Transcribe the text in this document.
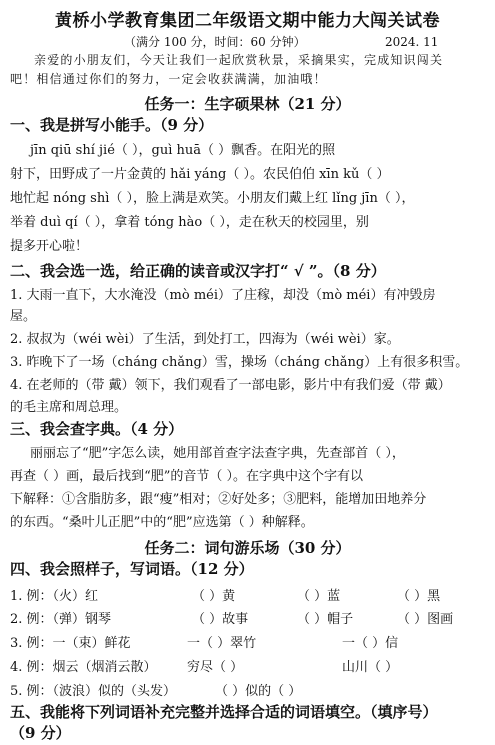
黄桥小学教育集团二年级语文期中能力大闯关试卷
（满分 100 分，时间：60 分钟）	2024. 11
亲爱的小朋友们，今天让我们一起欣赏秋景，采摘果实，完成知识闯关
吧！相信通过你们的努力，一定会收获满满，加油哦！
任务一：生字硕果林（21 分）
一、我是拼写小能手。（9 分）
jīn qiū shí jié（ ），guì huā（ ）飘香。在阳光的照
射下，田野成了一片金黄的 hǎi yáng（ ）。农民伯伯 xīn kǔ（ ）
地忙起 nóng shì（ ），脸上满是欢笑。小朋友们戴上红 lǐng jīn（ ），
举着 duì qí（ ），拿着 tóng hào（ ），走在秋天的校园里，别
提多开心啦！
二、我会选一选，给正确的读音或汉字打“ √ ”。（8 分）
1. 大雨一直下，大水淹没（mò méi）了庄稼，却没（mò méi）有冲毁房
屋。
2. 叔叔为（wéi wèi）了生活，到处打工，四海为（wéi wèi）家。
3. 昨晚下了一场（cháng chǎng）雪，操场（cháng chǎng）上有很多积雪。
4. 在老师的（带 戴）领下，我们观看了一部电影，影片中有我们爱（带 戴）
的毛主席和周总理。
三、我会查字典。（4 分）
丽丽忘了“肥”字怎么读，她用部首查字法查字典，先查部首（ ），
再查（ ）画，最后找到“肥”的音节（ ）。在字典中这个字有以
下解释：①含脂肪多，跟“瘦”相对；②好处多；③肥料，能增加田地养分
的东西。“桑叶儿正肥”中的“肥”应选第（ ）种解释。
任务二：词句游乐场（30 分）
四、我会照样子，写词语。（12 分）
1. 例：（火）红	（ ）黄	（ ）蓝	（ ）黑
2. 例：（弹）钢琴	（ ）故事	（ ）帽子	（ ）图画
3. 例：一（束）鲜花	一（ ）翠竹	一（ ）信
4. 例：烟云（烟消云散） 穷尽（ ）	山川（ ）
5. 例：（波浪）似的（头发）	（ ）似的（ ）
五、我能将下列词语补充完整并选择合适的词语填空。（填序号）
（9 分）
